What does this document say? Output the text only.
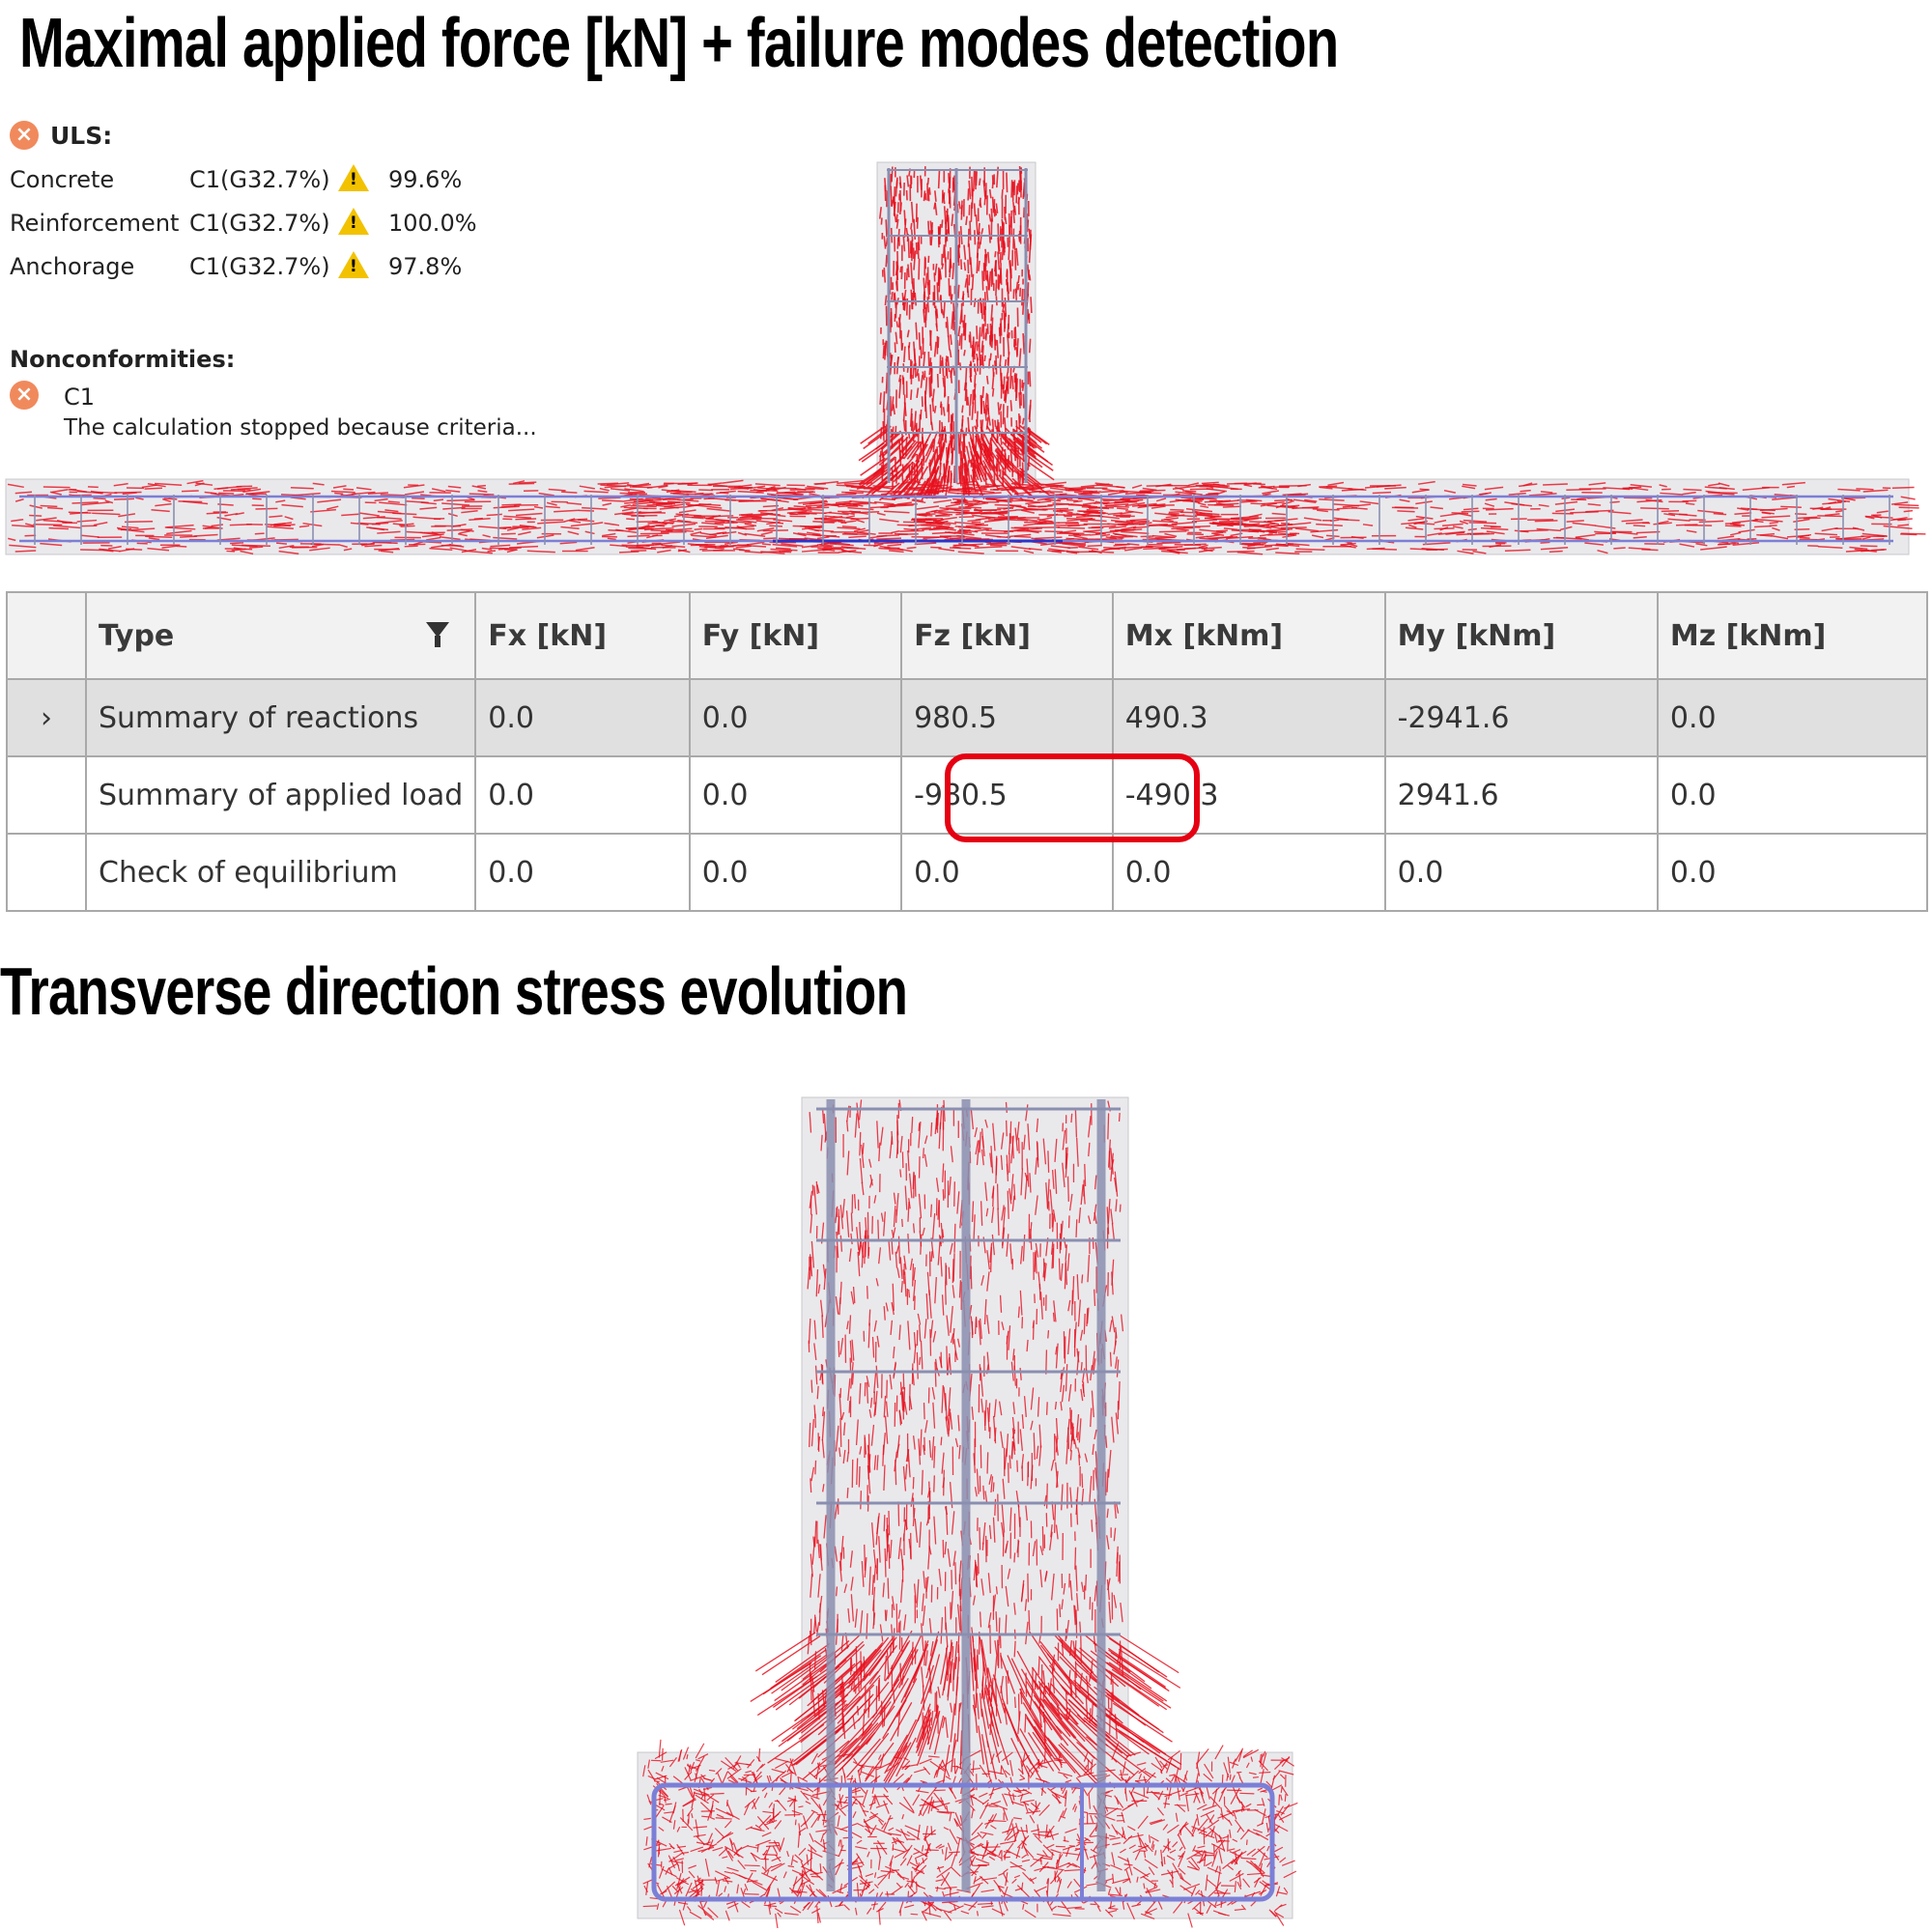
Maximal applied force [kN] + failure modes detection
× ULS:
Concrete	C1(G32.7%) ! 99.6%
Reinforcement C1(G32.7%) ! 100.0%
Anchorage C1(G32.7%) ! 97.8%
Nonconformities:
× C1
The calculation stopped because criteria...
	Type	Fx [kN]	Fy [kN]	Fz [kN]	Mx [kNm]	My [kNm]	Mz [kNm]
›	Summary of reactions	0.0	0.0	980.5	490.3	-2941.6	0.0
	Summary of applied load	0.0	0.0	-980.5	-490.3	2941.6	0.0
	Check of equilibrium	0.0	0.0	0.0	0.0	0.0	0.0
Transverse direction stress evolution
